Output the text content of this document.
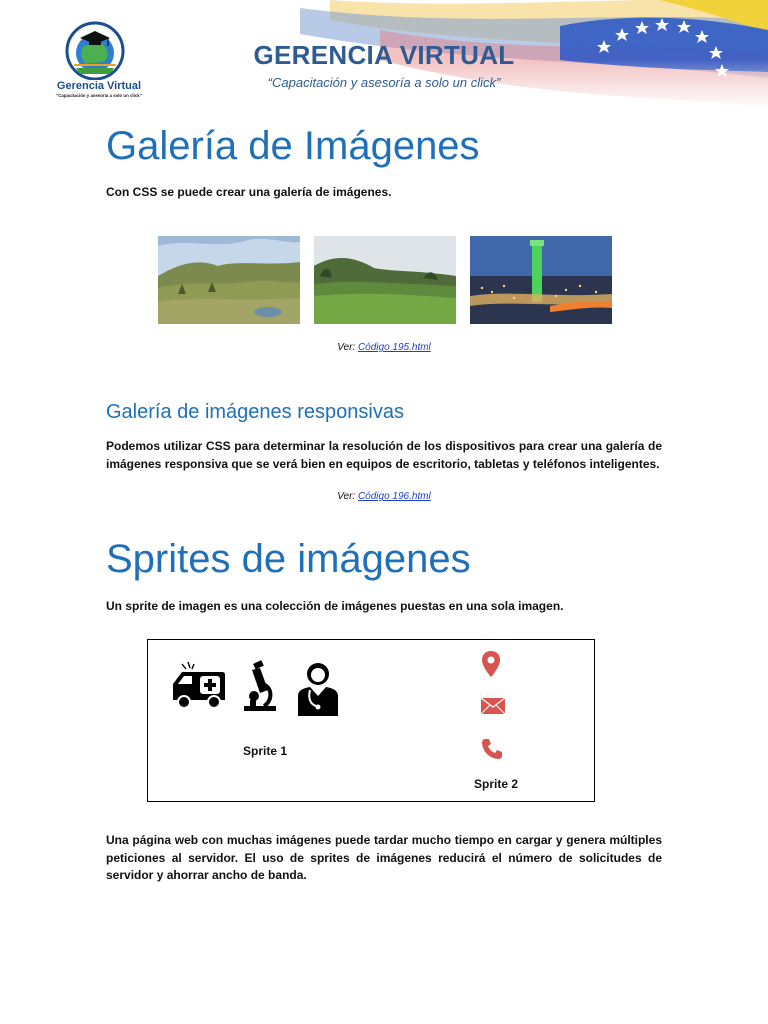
Gerencia Virtual
"Capacitación y asesoría a solo un click"
GERENCIA VIRTUAL
“Capacitación y asesoría a solo un click”
Galería de Imágenes
Con CSS se puede crear una galería de imágenes.
Ver: Código 195.html
Galería de imágenes responsivas
Podemos utilizar CSS para determinar la resolución de los dispositivos para crear una galería de imágenes responsiva que se verá bien en equipos de escritorio, tabletas y teléfonos inteligentes.
Ver: Código 196.html
Sprites de imágenes
Un sprite de imagen es una colección de imágenes puestas en una sola imagen.
Sprite 1
Sprite 2
Una página web con muchas imágenes puede tardar mucho tiempo en cargar y genera múltiples peticiones al servidor. El uso de sprites de imágenes reducirá el número de solicitudes de servidor y ahorrar ancho de banda.
